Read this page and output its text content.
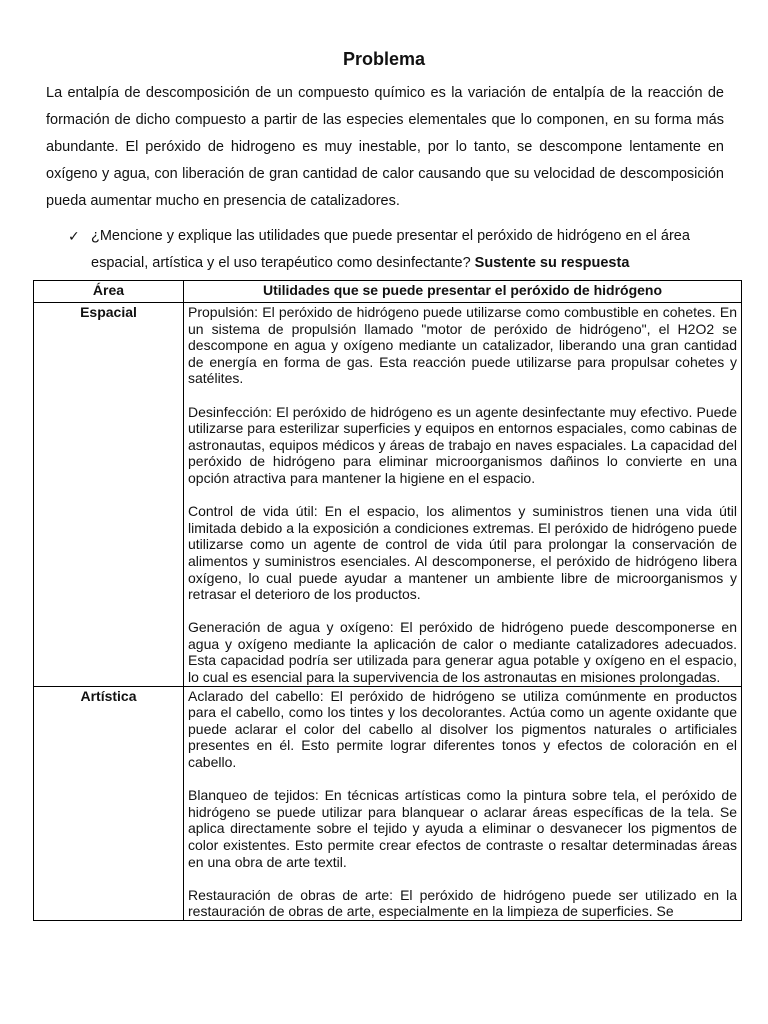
Problema

La entalpía de descomposición de un compuesto químico es la variación de entalpía de la reacción de formación de dicho compuesto a partir de las especies elementales que lo componen, en su forma más abundante. El peróxido de hidrogeno es muy inestable, por lo tanto, se descompone lentamente en oxígeno y agua, con liberación de gran cantidad de calor causando que su velocidad de descomposición pueda aumentar mucho en presencia de catalizadores.

✓ ¿Mencione y explique las utilidades que puede presentar el peróxido de hidrógeno en el área espacial, artística y el uso terapéutico como desinfectante? Sustente su respuesta
Área	Utilidades que se puede presentar el peróxido de hidrógeno
Espacial	Propulsión: El peróxido de hidrógeno puede utilizarse como combustible en cohetes. En un sistema de propulsión llamado "motor de peróxido de hidrógeno", el H2O2 se descompone en agua y oxígeno mediante un catalizador, liberando una gran cantidad de energía en forma de gas. Esta reacción puede utilizarse para propulsar cohetes y satélites.

Desinfección: El peróxido de hidrógeno es un agente desinfectante muy efectivo. Puede utilizarse para esterilizar superficies y equipos en entornos espaciales, como cabinas de astronautas, equipos médicos y áreas de trabajo en naves espaciales. La capacidad del peróxido de hidrógeno para eliminar microorganismos dañinos lo convierte en una opción atractiva para mantener la higiene en el espacio.

Control de vida útil: En el espacio, los alimentos y suministros tienen una vida útil limitada debido a la exposición a condiciones extremas. El peróxido de hidrógeno puede utilizarse como un agente de control de vida útil para prolongar la conservación de alimentos y suministros esenciales. Al descomponerse, el peróxido de hidrógeno libera oxígeno, lo cual puede ayudar a mantener un ambiente libre de microorganismos y retrasar el deterioro de los productos.

Generación de agua y oxígeno: El peróxido de hidrógeno puede descomponerse en agua y oxígeno mediante la aplicación de calor o mediante catalizadores adecuados. Esta capacidad podría ser utilizada para generar agua potable y oxígeno en el espacio, lo cual es esencial para la supervivencia de los astronautas en misiones prolongadas.

Artística	Aclarado del cabello: El peróxido de hidrógeno se utiliza comúnmente en productos para el cabello, como los tintes y los decolorantes. Actúa como un agente oxidante que puede aclarar el color del cabello al disolver los pigmentos naturales o artificiales presentes en él. Esto permite lograr diferentes tonos y efectos de coloración en el cabello.

Blanqueo de tejidos: En técnicas artísticas como la pintura sobre tela, el peróxido de hidrógeno se puede utilizar para blanquear o aclarar áreas específicas de la tela. Se aplica directamente sobre el tejido y ayuda a eliminar o desvanecer los pigmentos de color existentes. Esto permite crear efectos de contraste o resaltar determinadas áreas en una obra de arte textil.

Restauración de obras de arte: El peróxido de hidrógeno puede ser utilizado en la restauración de obras de arte, especialmente en la limpieza de superficies. Se
